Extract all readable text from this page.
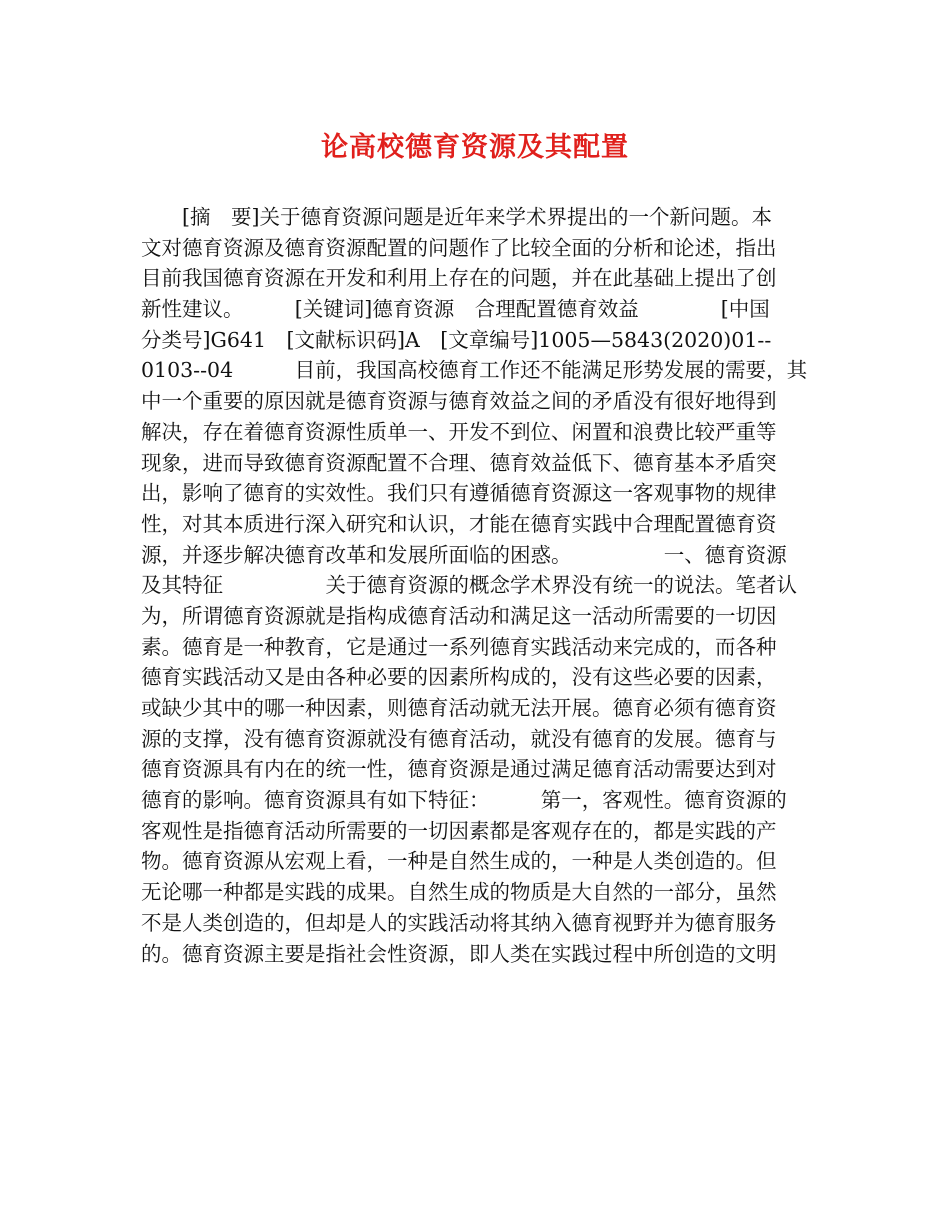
论高校德育资源及其配置
　　[摘　要]关于德育资源问题是近年来学术界提出的一个新问题。本
文对德育资源及德育资源配置的问题作了比较全面的分析和论述，指出
目前我国德育资源在开发和利用上存在的问题，并在此基础上提出了创
新性建议。　　　[关键词]德育资源　合理配置德育效益　　　　[中国
分类号]G641　[文献标识码]A　[文章编号]1005—5843(2020)01--
0103--04　　　目前，我国高校德育工作还不能满足形势发展的需要，其
中一个重要的原因就是德育资源与德育效益之间的矛盾没有很好地得到
解决，存在着德育资源性质单一、开发不到位、闲置和浪费比较严重等
现象，进而导致德育资源配置不合理、德育效益低下、德育基本矛盾突
出，影响了德育的实效性。我们只有遵循德育资源这一客观事物的规律
性，对其本质进行深入研究和认识，才能在德育实践中合理配置德育资
源，并逐步解决德育改革和发展所面临的困惑。　　　　　一、德育资源
及其特征　　　　　关于德育资源的概念学术界没有统一的说法。笔者认
为，所谓德育资源就是指构成德育活动和满足这一活动所需要的一切因
素。德育是一种教育，它是通过一系列德育实践活动来完成的，而各种
德育实践活动又是由各种必要的因素所构成的，没有这些必要的因素，
或缺少其中的哪一种因素，则德育活动就无法开展。德育必须有德育资
源的支撑，没有德育资源就没有德育活动，就没有德育的发展。德育与
德育资源具有内在的统一性，德育资源是通过满足德育活动需要达到对
德育的影响。德育资源具有如下特征：　　　第一，客观性。德育资源的
客观性是指德育活动所需要的一切因素都是客观存在的，都是实践的产
物。德育资源从宏观上看，一种是自然生成的，一种是人类创造的。但
无论哪一种都是实践的成果。自然生成的物质是大自然的一部分，虽然
不是人类创造的，但却是人的实践活动将其纳入德育视野并为德育服务
的。德育资源主要是指社会性资源，即人类在实践过程中所创造的文明
